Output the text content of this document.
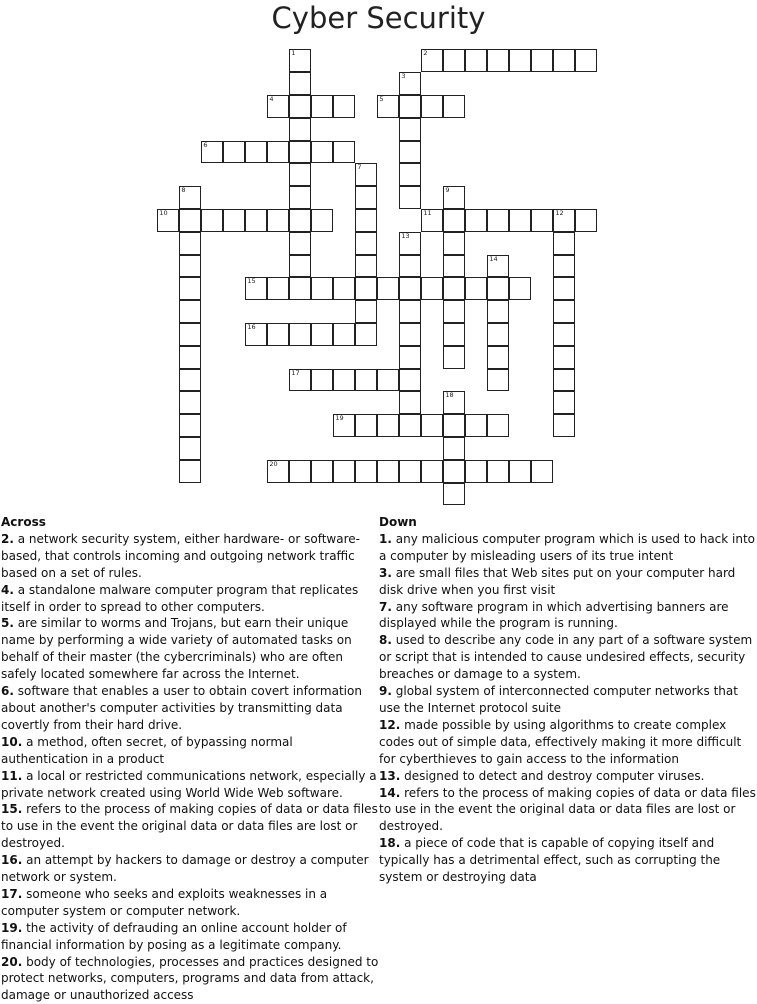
Cyber Security
1	2
3
4	5
6
7
8	9
10	11	12
13
14
15
16
17
18
19
20
Across

2. a network security system, either hardware- or software-based, that controls incoming and outgoing network traffic based on a set of rules.

4. a standalone malware computer program that replicates itself in order to spread to other computers.

5. are similar to worms and Trojans, but earn their unique name by performing a wide variety of automated tasks on behalf of their master (the cybercriminals) who are often safely located somewhere far across the Internet.

6. software that enables a user to obtain covert information about another's computer activities by transmitting data covertly from their hard drive.

10. a method, often secret, of bypassing normal authentication in a product

11. a local or restricted communications network, especially a private network created using World Wide Web software.

15. refers to the process of making copies of data or data files to use in the event the original data or data files are lost or destroyed.

16. an attempt by hackers to damage or destroy a computer network or system.

17. someone who seeks and exploits weaknesses in a computer system or computer network.

19. the activity of defrauding an online account holder of financial information by posing as a legitimate company.

20. body of technologies, processes and practices designed to protect networks, computers, programs and data from attack, damage or unauthorized access

Down

1. any malicious computer program which is used to hack into a computer by misleading users of its true intent

3. are small files that Web sites put on your computer hard disk drive when you first visit

7. any software program in which advertising banners are displayed while the program is running.

8. used to describe any code in any part of a software system or script that is intended to cause undesired effects, security breaches or damage to a system.

9. global system of interconnected computer networks that use the Internet protocol suite

12. made possible by using algorithms to create complex codes out of simple data, effectively making it more difficult for cyberthieves to gain access to the information

13. designed to detect and destroy computer viruses.

14. refers to the process of making copies of data or data files to use in the event the original data or data files are lost or destroyed.

18. a piece of code that is capable of copying itself and typically has a detrimental effect, such as corrupting the system or destroying data
